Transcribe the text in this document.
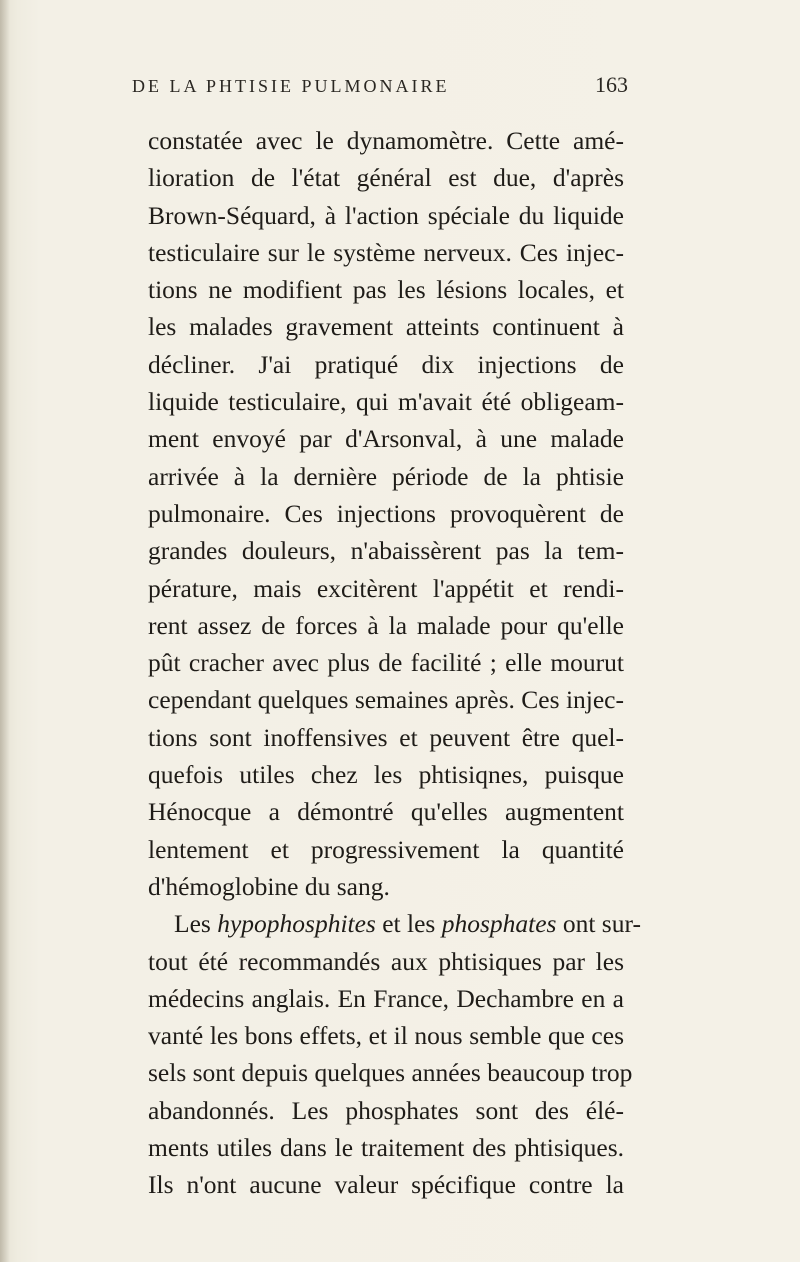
DE LA PHTISIE PULMONAIRE	163
constatée avec le dynamomètre. Cette amé-
lioration de l'état général est due, d'après
Brown-Séquard, à l'action spéciale du liquide
testiculaire sur le système nerveux. Ces injec-
tions ne modifient pas les lésions locales, et
les malades gravement atteints continuent à
décliner. J'ai pratiqué dix injections de
liquide testiculaire, qui m'avait été obligeam-
ment envoyé par d'Arsonval, à une malade
arrivée à la dernière période de la phtisie
pulmonaire. Ces injections provoquèrent de
grandes douleurs, n'abaissèrent pas la tem-
pérature, mais excitèrent l'appétit et rendi-
rent assez de forces à la malade pour qu'elle
pût cracher avec plus de facilité ; elle mourut
cependant quelques semaines après. Ces injec-
tions sont inoffensives et peuvent être quel-
quefois utiles chez les phtisiqnes, puisque
Hénocque a démontré qu'elles augmentent
lentement et progressivement la quantité
d'hémoglobine du sang.
Les hypophosphites et les phosphates ont sur-
tout été recommandés aux phtisiques par les
médecins anglais. En France, Dechambre en a
vanté les bons effets, et il nous semble que ces
sels sont depuis quelques années beaucoup trop
abandonnés. Les phosphates sont des élé-
ments utiles dans le traitement des phtisiques.
Ils n'ont aucune valeur spécifique contre la
